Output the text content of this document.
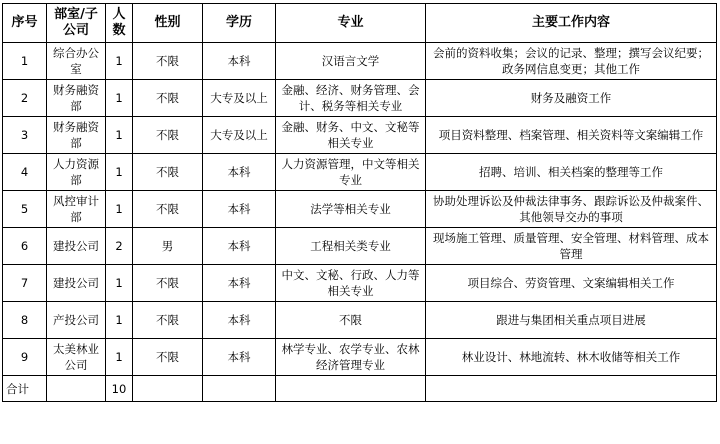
序号	部室/子公司	人数	性别	学历	专业	主要工作内容
1	综合办公室	1	不限	本科	汉语言文学	会前的资料收集；会议的记录、整理；撰写会议纪要；政务网信息变更；其他工作
2	财务融资部	1	不限	大专及以上	金融、经济、财务管理、会计、税务等相关专业	财务及融资工作
3	财务融资部	1	不限	大专及以上	金融、财务、中文、文秘等相关专业	项目资料整理、档案管理、相关资料等文案编辑工作
4	人力资源部	1	不限	本科	人力资源管理，中文等相关专业	招聘、培训、相关档案的整理等工作
5	风控审计部	1	不限	本科	法学等相关专业	协助处理诉讼及仲裁法律事务、跟踪诉讼及仲裁案件、其他领导交办的事项
6	建投公司	2	男	本科	工程相关类专业	现场施工管理、质量管理、安全管理、材料管理、成本管理
7	建投公司	1	不限	本科	中文、文秘、行政、人力等相关专业	项目综合、劳资管理、文案编辑相关工作
8	产投公司	1	不限	本科	不限	跟进与集团相关重点项目进展
9	太美林业公司	1	不限	本科	林学专业、农学专业、农林经济管理专业	林业设计、林地流转、林木收储等相关工作
合计		10				
